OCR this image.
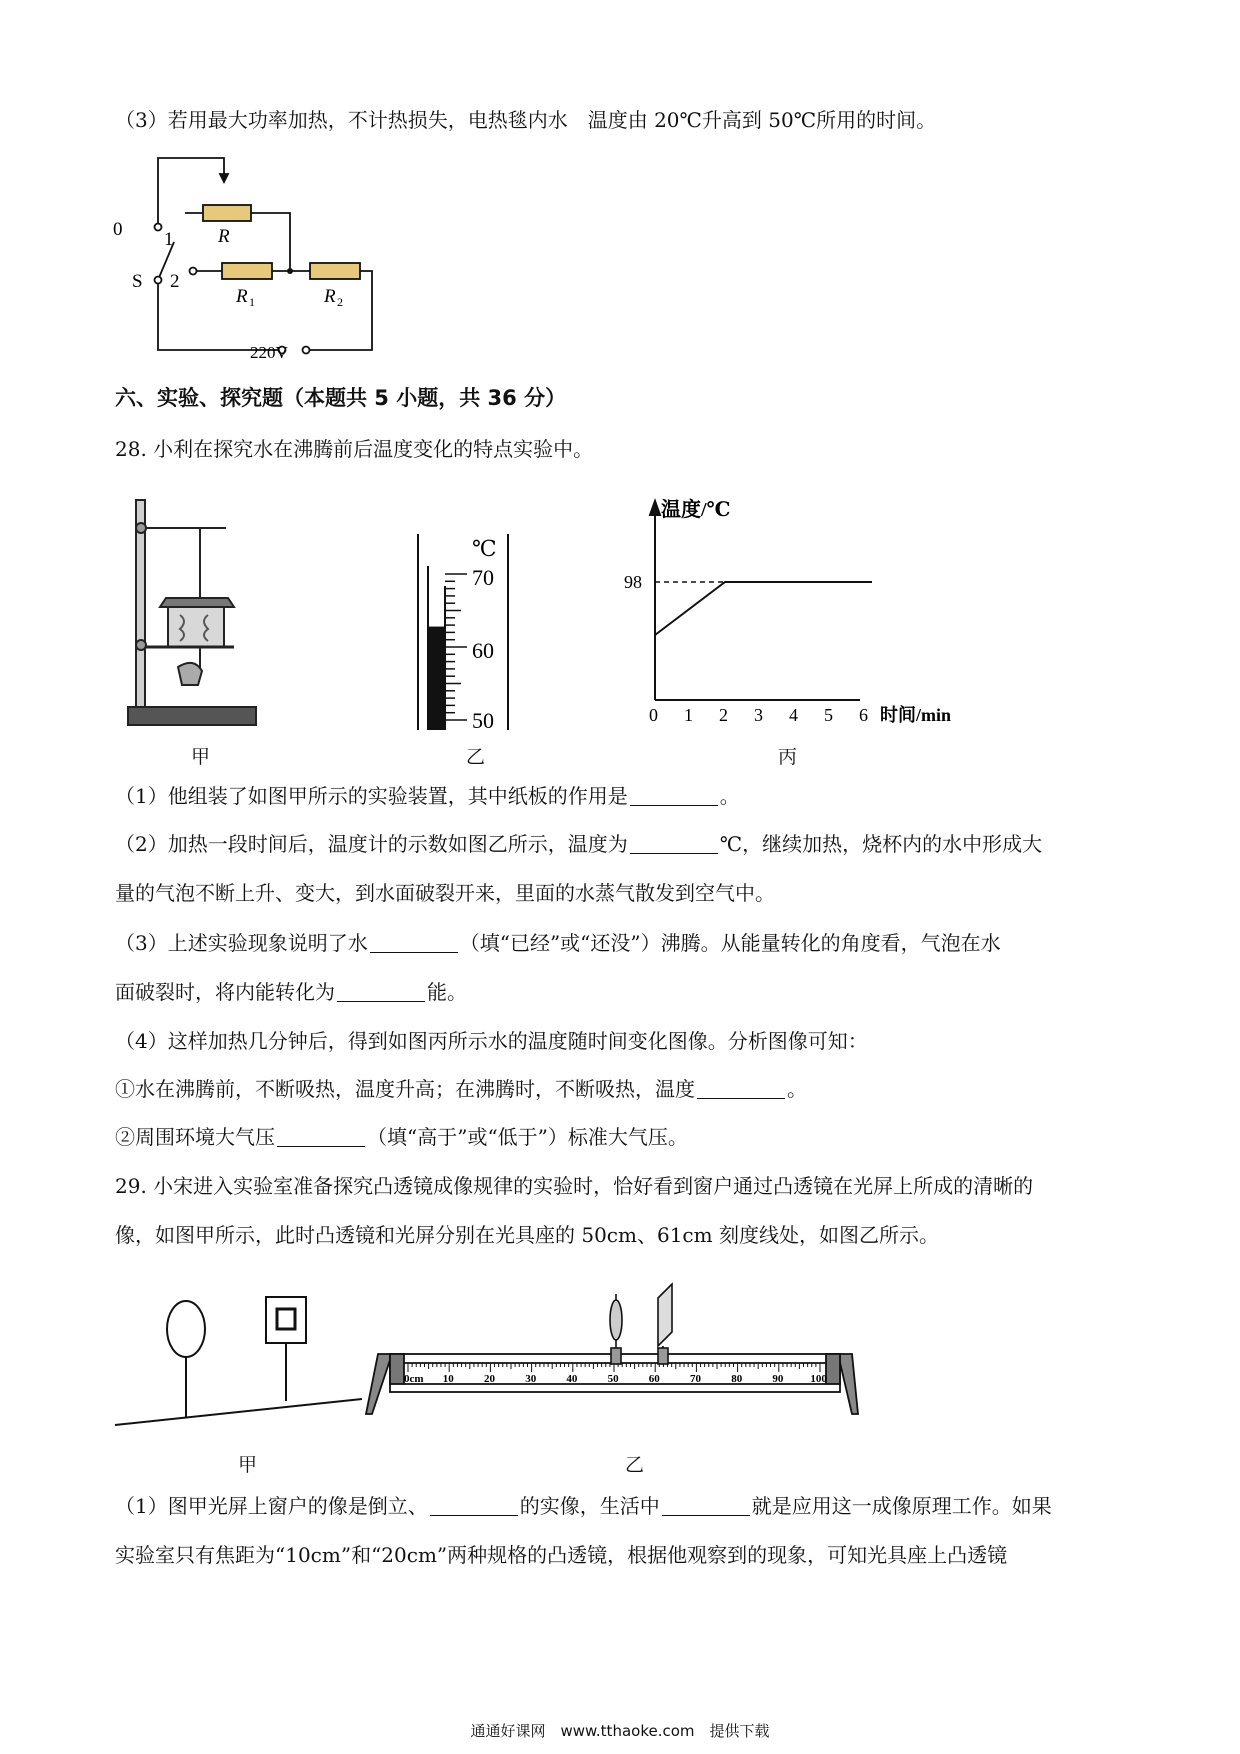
（3）若用最大功率加热，不计热损失，电热毯内水　温度由 20℃升高到 50℃所用的时间。
0 1
2
S
R
R 1	R 2
220V
六、实验、探究题（本题共 5 小题，共 36 分）
28. 小利在探究水在沸腾前后温度变化的特点实验中。
甲
℃
70
60
50
乙
温度/℃
98
0 1 2 3 4 5 6 时间/min
丙
（1）他组装了如图甲所示的实验装置，其中纸板的作用是	。
（2）加热一段时间后，温度计的示数如图乙所示，温度为	℃，继续加热，烧杯内的水中形成大
量的气泡不断上升、变大，到水面破裂开来，里面的水蒸气散发到空气中。
（3）上述实验现象说明了水	（填“已经”或“还没”）沸腾。从能量转化的角度看，气泡在水
面破裂时，将内能转化为	能。
（4）这样加热几分钟后，得到如图丙所示水的温度随时间变化图像。分析图像可知：
①水在沸腾前，不断吸热，温度升高；在沸腾时，不断吸热，温度	。
②周围环境大气压	（填“高于”或“低于”）标准大气压。
29. 小宋进入实验室准备探究凸透镜成像规律的实验时，恰好看到窗户通过凸透镜在光屏上所成的清晰的
像，如图甲所示，此时凸透镜和光屏分别在光具座的 50cm、61cm 刻度线处，如图乙所示。
甲
0cm 10	20	30	40	50	60	70	80	90 100
乙
（1）图甲光屏上窗户的像是倒立、	的实像，生活中	就是应用这一成像原理工作。如果
实验室只有焦距为“10cm”和“20cm”两种规格的凸透镜，根据他观察到的现象，可知光具座上凸透镜
通通好课网　www.tthaoke.com　提供下载
